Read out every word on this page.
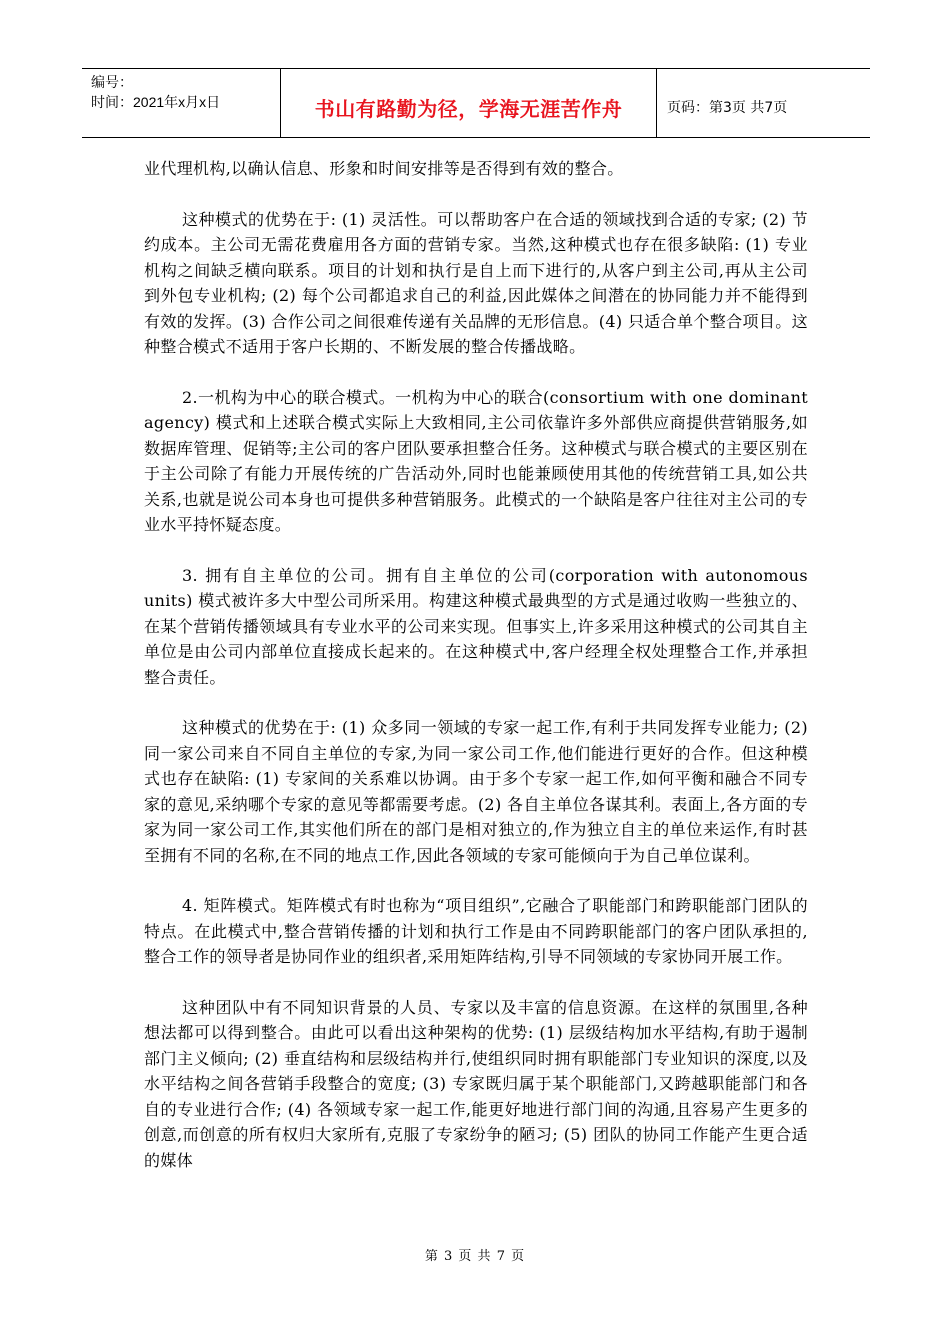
编号：
时间：2021年x月x日	书山有路勤为径，学海无涯苦作舟	页码：第3页 共7页

业代理机构,以确认信息、形象和时间安排等是否得到有效的整合。

这种模式的优势在于: (1) 灵活性。可以帮助客户在合适的领域找到合适的专家; (2) 节约成本。主公司无需花费雇用各方面的营销专家。当然,这种模式也存在很多缺陷: (1) 专业机构之间缺乏横向联系。项目的计划和执行是自上而下进行的,从客户到主公司,再从主公司到外包专业机构; (2) 每个公司都追求自己的利益,因此媒体之间潜在的协同能力并不能得到有效的发挥。(3) 合作公司之间很难传递有关品牌的无形信息。(4) 只适合单个整合项目。这种整合模式不适用于客户长期的、不断发展的整合传播战略。

2.一机构为中心的联合模式。一机构为中心的联合(consortium with one dominant agency) 模式和上述联合模式实际上大致相同,主公司依靠许多外部供应商提供营销服务,如数据库管理、促销等;主公司的客户团队要承担整合任务。这种模式与联合模式的主要区别在于主公司除了有能力开展传统的广告活动外,同时也能兼顾使用其他的传统营销工具,如公共关系,也就是说公司本身也可提供多种营销服务。此模式的一个缺陷是客户往往对主公司的专业水平持怀疑态度。

3. 拥有自主单位的公司。拥有自主单位的公司(corporation with autonomous units) 模式被许多大中型公司所采用。构建这种模式最典型的方式是通过收购一些独立的、在某个营销传播领域具有专业水平的公司来实现。但事实上,许多采用这种模式的公司其自主单位是由公司内部单位直接成长起来的。在这种模式中,客户经理全权处理整合工作,并承担整合责任。

这种模式的优势在于: (1) 众多同一领域的专家一起工作,有利于共同发挥专业能力; (2) 同一家公司来自不同自主单位的专家,为同一家公司工作,他们能进行更好的合作。但这种模式也存在缺陷: (1) 专家间的关系难以协调。由于多个专家一起工作,如何平衡和融合不同专家的意见,采纳哪个专家的意见等都需要考虑。(2) 各自主单位各谋其利。表面上,各方面的专家为同一家公司工作,其实他们所在的部门是相对独立的,作为独立自主的单位来运作,有时甚至拥有不同的名称,在不同的地点工作,因此各领域的专家可能倾向于为自己单位谋利。

4. 矩阵模式。矩阵模式有时也称为“项目组织”,它融合了职能部门和跨职能部门团队的特点。在此模式中,整合营销传播的计划和执行工作是由不同跨职能部门的客户团队承担的,整合工作的领导者是协同作业的组织者,采用矩阵结构,引导不同领域的专家协同开展工作。

这种团队中有不同知识背景的人员、专家以及丰富的信息资源。在这样的氛围里,各种想法都可以得到整合。由此可以看出这种架构的优势: (1) 层级结构加水平结构,有助于遏制部门主义倾向; (2) 垂直结构和层级结构并行,使组织同时拥有职能部门专业知识的深度,以及水平结构之间各营销手段整合的宽度; (3) 专家既归属于某个职能部门,又跨越职能部门和各自的专业进行合作; (4) 各领域专家一起工作,能更好地进行部门间的沟通,且容易产生更多的创意,而创意的所有权归大家所有,克服了专家纷争的陋习; (5) 团队的协同工作能产生更合适的媒体

第 3 页 共 7 页
